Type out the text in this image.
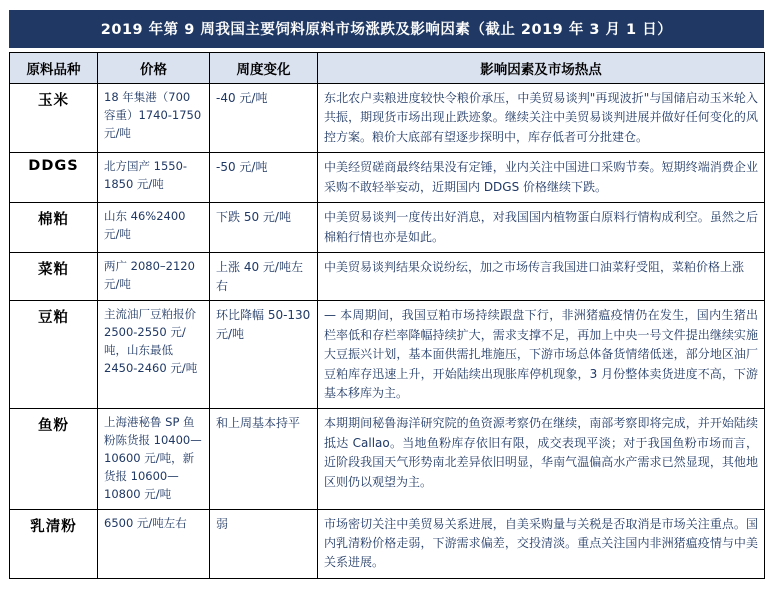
2019 年第 9 周我国主要饲料原料市场涨跌及影响因素（截止 2019 年 3 月 1 日）
原料品种	价格	周度变化	影响因素及市场热点
玉米	18 年集港（700 容重）1740-1750 元/吨	-40 元/吨	东北农户卖粮进度较快令粮价承压，中美贸易谈判"再现波折"与国储启动玉米轮入共振，期现货市场出现止跌迹象。继续关注中美贸易谈判进展并做好任何变化的风控方案。粮价大底部有望逐步探明中，库存低者可分批建仓。
DDGS	北方国产 1550-1850 元/吨	-50 元/吨	中美经贸磋商最终结果没有定锤，业内关注中国进口采购节奏。短期终端消费企业采购不敢轻举妄动，近期国内 DDGS 价格继续下跌。
棉粕	山东 46%2400 元/吨	下跌 50 元/吨	中美贸易谈判一度传出好消息，对我国国内植物蛋白原料行情构成利空。虽然之后棉粕行情也亦是如此。
菜粕	两广 2080–2120 元/吨	上涨 40 元/吨左右	中美贸易谈判结果众说纷纭，加之市场传言我国进口油菜籽受阻，菜粕价格上涨
豆粕	主流油厂豆粕报价 2500-2550 元/吨，山东最低 2450-2460 元/吨	环比降幅 50-130 元/吨	— 本周期间，我国豆粕市场持续跟盘下行，非洲猪瘟疫情仍在发生，国内生猪出栏率低和存栏率降幅持续扩大，需求支撑不足，再加上中央一号文件提出继续实施大豆振兴计划，基本面供需扎堆施压，下游市场总体备货情绪低迷，部分地区油厂豆粕库存迅速上升，开始陆续出现胀库停机现象，3 月份整体卖货进度不高，下游基本移库为主。
鱼粉	上海港秘鲁 SP 鱼粉陈货报 10400—10600 元/吨，新货报 10600—10800 元/吨	和上周基本持平	本期期间秘鲁海洋研究院的鱼资源考察仍在继续，南部考察即将完成，并开始陆续抵达 Callao。当地鱼粉库存依旧有限，成交表现平淡；对于我国鱼粉市场而言，近阶段我国天气形势南北差异依旧明显，华南气温偏高水产需求已然显现，其他地区则仍以观望为主。
乳清粉	6500 元/吨左右	弱	市场密切关注中美贸易关系进展，自美采购量与关税是否取消是市场关注重点。国内乳清粉价格走弱，下游需求偏差，交投清淡。重点关注国内非洲猪瘟疫情与中美关系进展。
